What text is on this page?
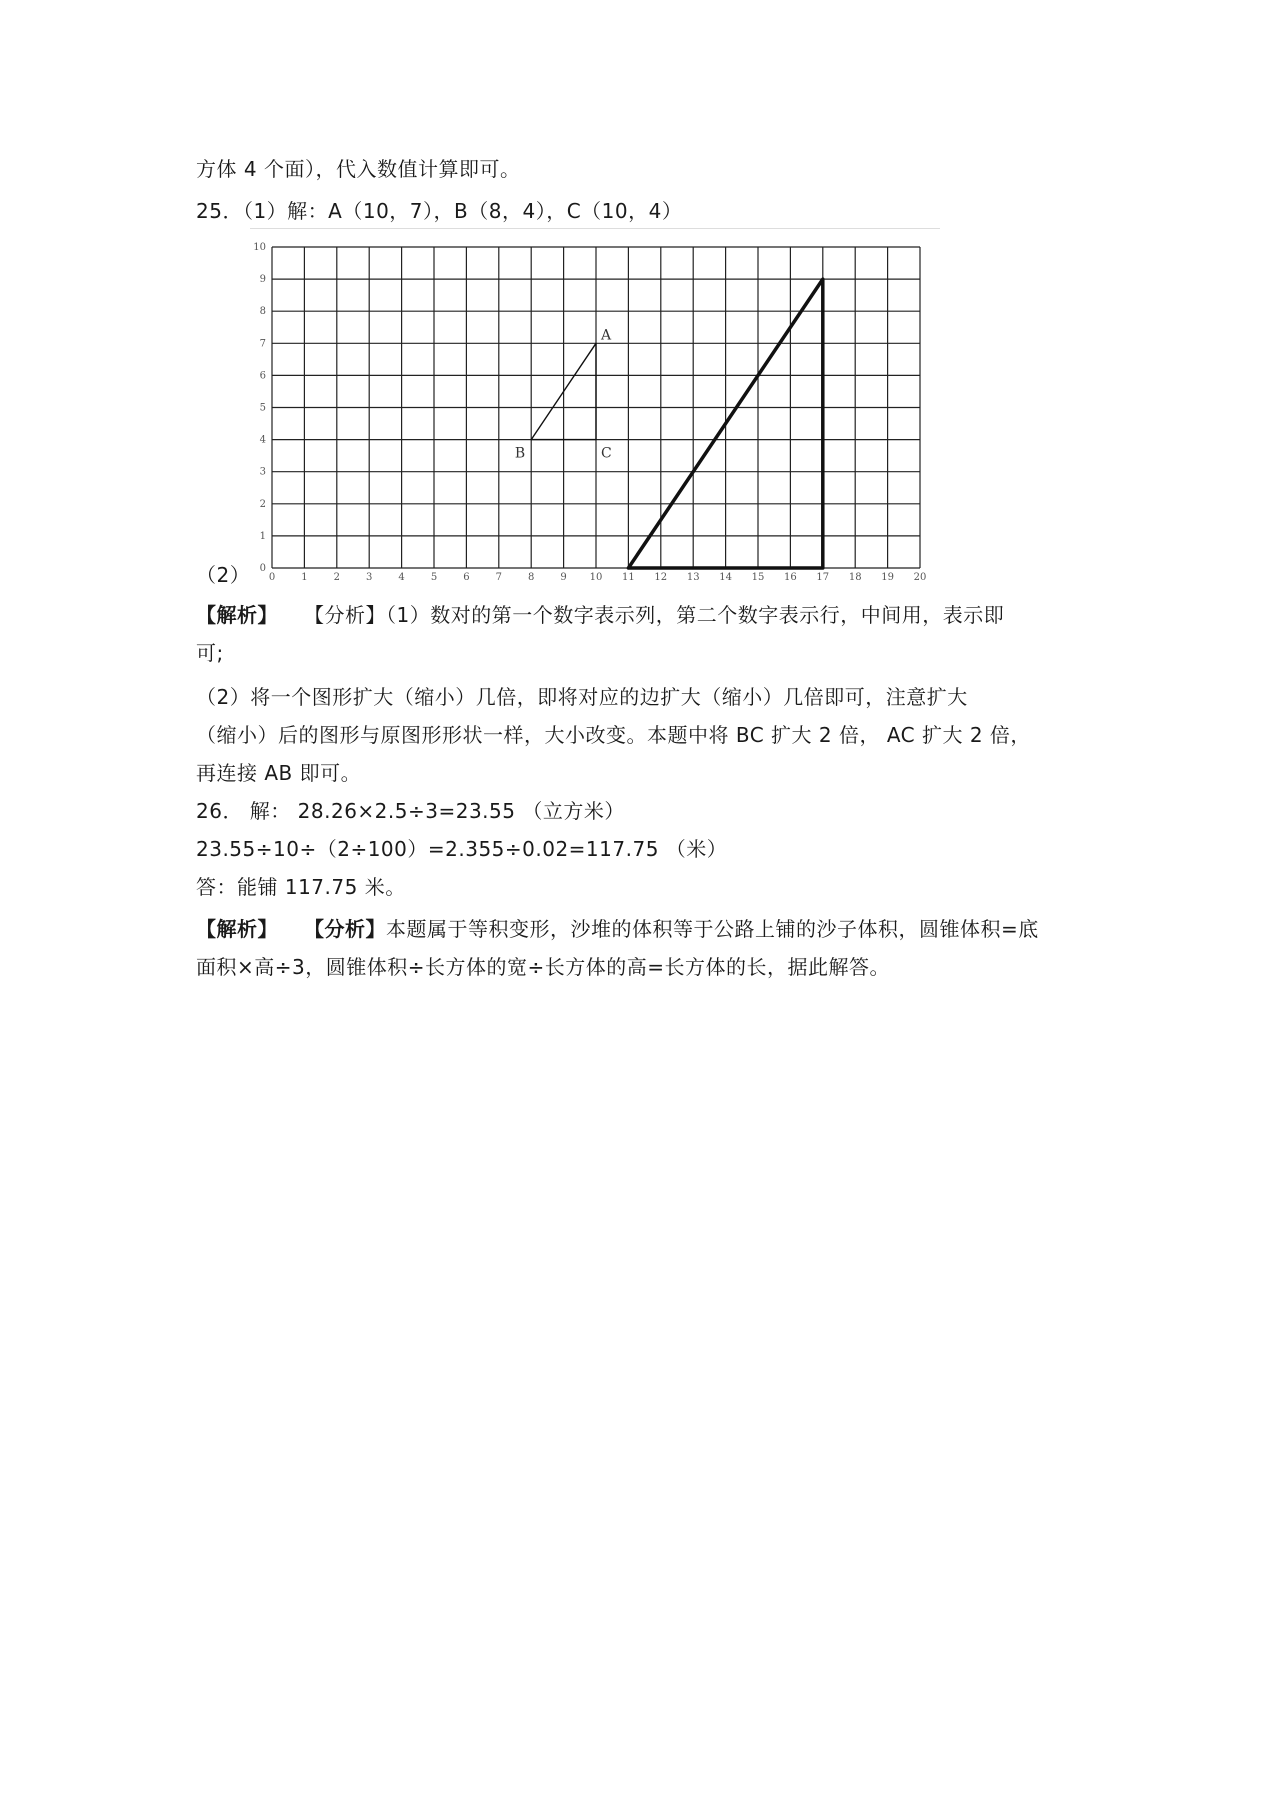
方体 4 个面），代入数值计算即可。
25．（1）解：A（10，7），B（8，4），C（10，4）
（2） 0	1	2	3	4	5	6	7	8	9 10 11 12 13 14 15 16 17 18 19 20
0
1
2
3
4
5
6
7
8
9
10
A
B	C
【解析】 【分析】（1）数对的第一个数字表示列，第二个数字表示行，中间用，表示即
可;
（2）将一个图形扩大（缩小）几倍，即将对应的边扩大（缩小）几倍即可，注意扩大
（缩小）后的图形与原图形形状一样，大小改变。本题中将 BC 扩大 2 倍， AC 扩大 2 倍，
再连接 AB 即可。
26． 解： 28.26×2.5÷3=23.55 （立方米）
23.55÷10÷（2÷100）=2.355÷0.02=117.75 （米）
答：能铺 117.75 米。
【解析】 【分析】本题属于等积变形，沙堆的体积等于公路上铺的沙子体积，圆锥体积=底
面积×高÷3，圆锥体积÷长方体的宽÷长方体的高=长方体的长，据此解答。
